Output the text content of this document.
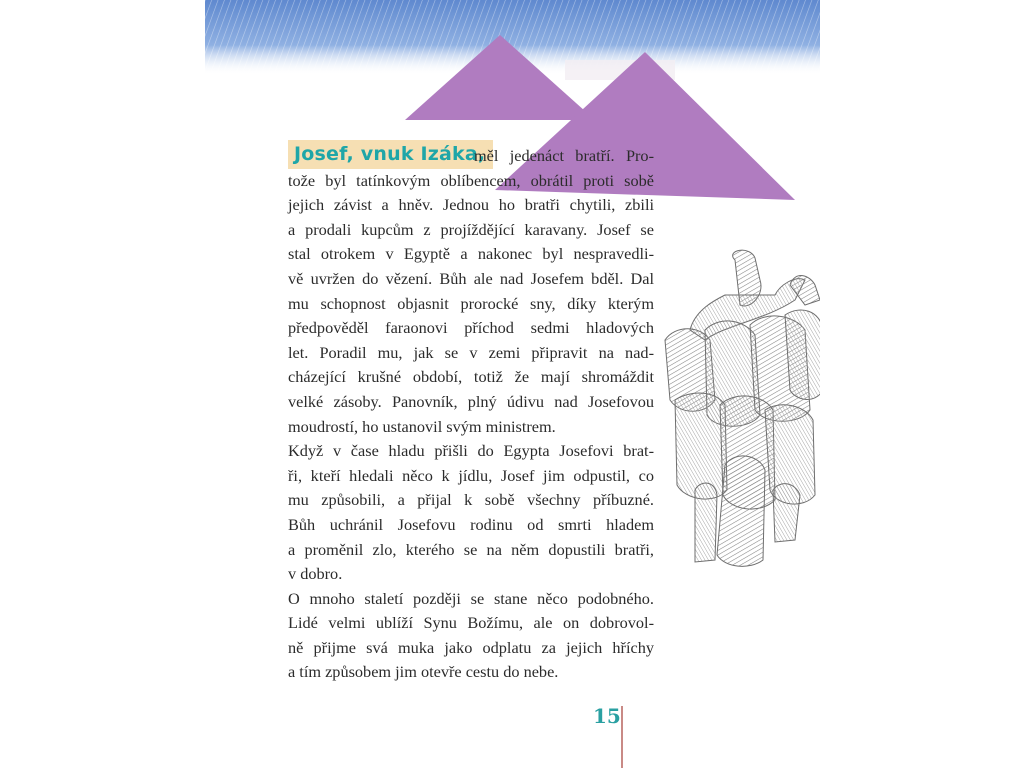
Josef, vnuk Izáka,

měl jedenáct bratří. Pro-
tože byl tatínkovým oblíbencem, obrátil proti sobě
jejich závist a hněv. Jednou ho bratři chytili, zbili
a prodali kupcům z projíždějící karavany. Josef se
stal otrokem v Egyptě a nakonec byl nespravedli-
vě uvržen do vězení. Bůh ale nad Josefem bděl. Dal
mu schopnost objasnit prorocké sny, díky kterým
předpověděl faraonovi příchod sedmi hladových
let. Poradil mu, jak se v zemi připravit na nad-
cházející krušné období, totiž že mají shromáždit
velké zásoby. Panovník, plný údivu nad Josefovou
moudrostí, ho ustanovil svým ministrem.

Když v čase hladu přišli do Egypta Josefovi brat-
ři, kteří hledali něco k jídlu, Josef jim odpustil, co
mu způsobili, a přijal k sobě všechny příbuzné.
Bůh uchránil Josefovu rodinu od smrti hladem
a proměnil zlo, kterého se na něm dopustili bratři,
v dobro.

O mnoho staletí později se stane něco podobného.
Lidé velmi ublíží Synu Božímu, ale on dobrovol-
ně přijme svá muka jako odplatu za jejich hříchy
a tím způsobem jim otevře cestu do nebe.

15
